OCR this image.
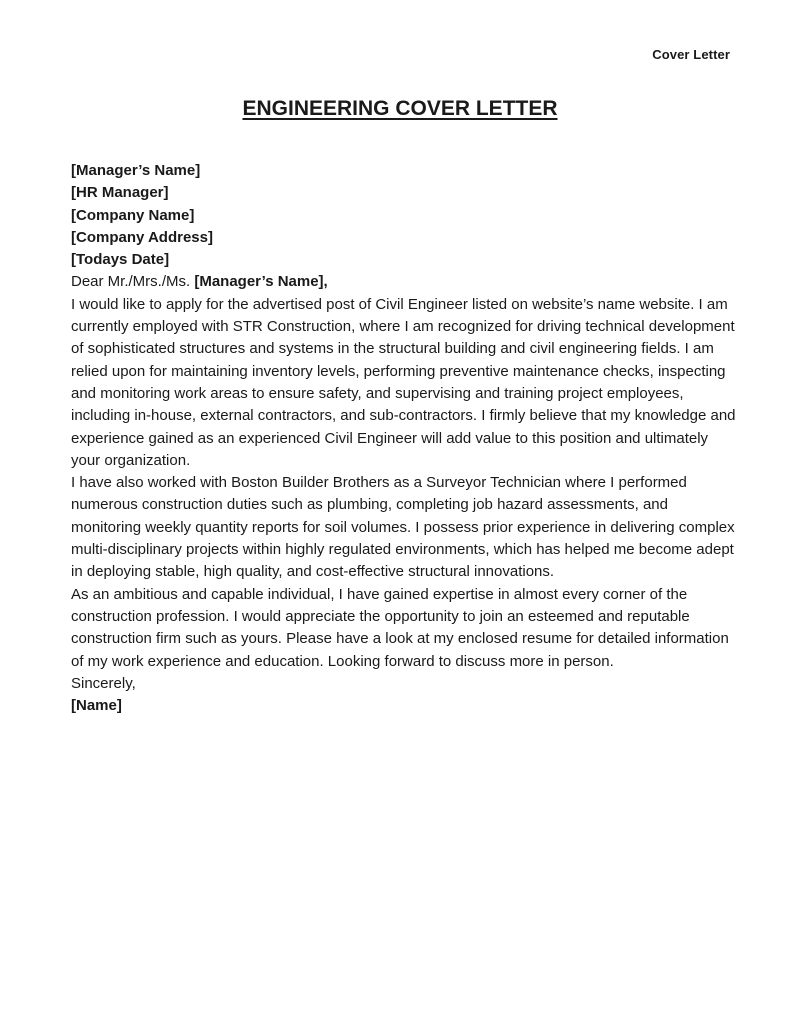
Cover Letter
ENGINEERING COVER LETTER

[Manager’s Name]

[HR Manager]

[Company Name]

[Company Address]

[Todays Date]

Dear Mr./Mrs./Ms. [Manager’s Name],

I would like to apply for the advertised post of Civil Engineer listed on website’s name website. I am currently employed with STR Construction, where I am recognized for driving technical development of sophisticated structures and systems in the structural building and civil engineering fields. I am relied upon for maintaining inventory levels, performing preventive maintenance checks, inspecting and monitoring work areas to ensure safety, and supervising and training project employees, including in-house, external contractors, and sub-contractors. I firmly believe that my knowledge and experience gained as an experienced Civil Engineer will add value to this position and ultimately your organization.

I have also worked with Boston Builder Brothers as a Surveyor Technician where I performed numerous construction duties such as plumbing, completing job hazard assessments, and monitoring weekly quantity reports for soil volumes. I possess prior experience in delivering complex multi-disciplinary projects within highly regulated environments, which has helped me become adept in deploying stable, high quality, and cost-effective structural innovations.

As an ambitious and capable individual, I have gained expertise in almost every corner of the construction profession. I would appreciate the opportunity to join an esteemed and reputable construction firm such as yours. Please have a look at my enclosed resume for detailed information of my work experience and education. Looking forward to discuss more in person.

Sincerely,

[Name]
